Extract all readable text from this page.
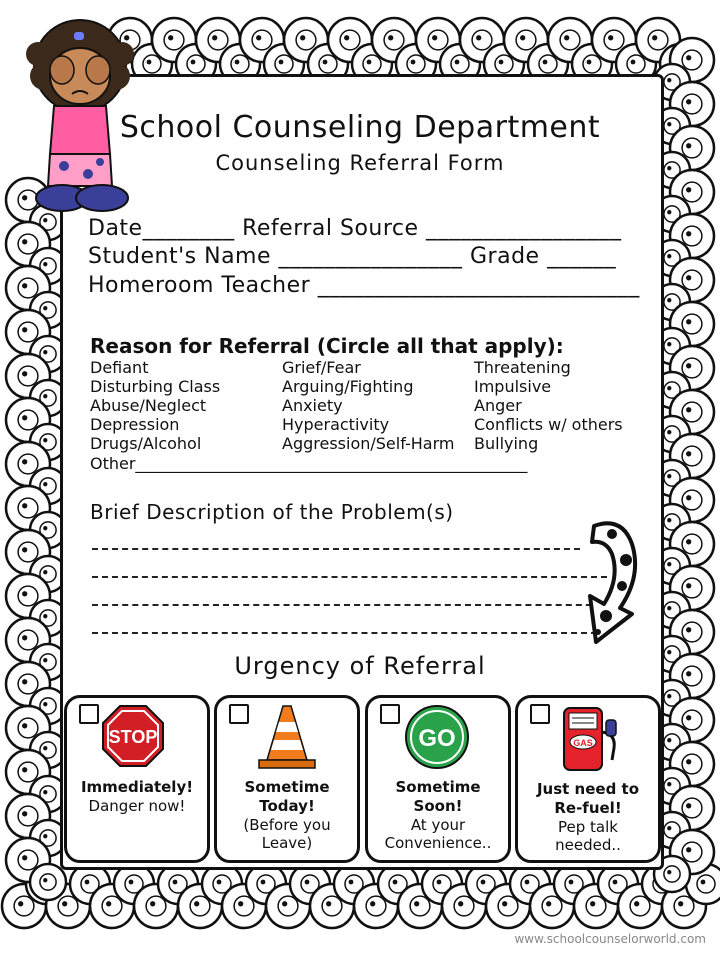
School Counseling Department
Counseling Referral Form
Date________ Referral Source _________________
Student's Name ________________ Grade ______
Homeroom Teacher ____________________________
Reason for Referral (Circle all that apply):
Defiant
Disturbing Class
Abuse/Neglect
Depression
Drugs/Alcohol
Grief/Fear
Arguing/Fighting
Anxiety
Hyperactivity
Aggression/Self-Harm
Threatening
Impulsive
Anger
Conflicts w/ others
Bullying
Other_________________________________________________
Brief Description of the Problem(s)
Urgency of Referral
STOP
Immediately!
Danger now!
Sometime
Today!
(Before you
Leave)
GO
Sometime
Soon!
At your
Convenience..
GAS
Just need to
Re-fuel!
Pep talk
needed..
www.schoolcounselorworld.com
